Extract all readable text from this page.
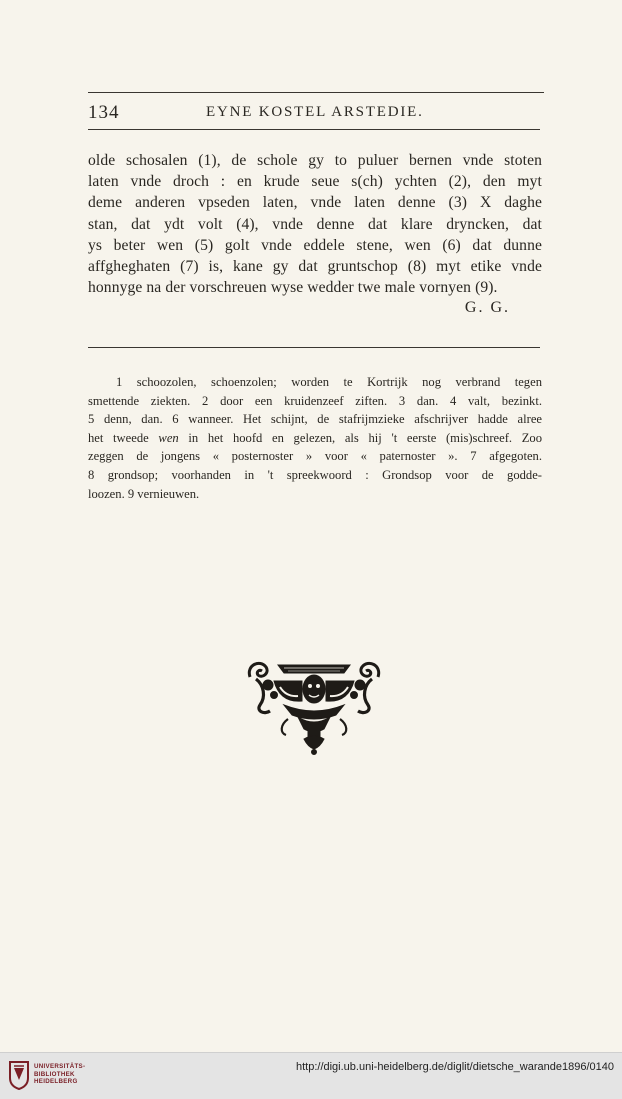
134	EYNE KOSTEL ARSTEDIE.
olde schosalen (1), de schole gy to puluer bernen vnde stoten
laten vnde droch : en krude seue s(ch) ychten (2), den myt
deme anderen vpseden laten, vnde laten denne (3) X daghe
stan, dat ydt volt (4), vnde denne dat klare dryncken, dat
ys beter wen (5) golt vnde eddele stene, wen (6) dat dunne
affgheghaten (7) is, kane gy dat gruntschop (8) myt etike vnde
honnyge na der vorschreuen wyse wedder twe male vornyen (9).
G. G.
1 schoozolen, schoenzolen; worden te Kortrijk nog verbrand tegen
smettende ziekten. 2 door een kruidenzeef ziften. 3 dan. 4 valt, bezinkt.
5 denn, dan. 6 wanneer. Het schijnt, de stafrijmzieke afschrijver hadde alree
het tweede wen in het hoofd en gelezen, als hij 't eerste (mis)schreef. Zoo
zeggen de jongens « posternoster » voor « paternoster ». 7 afgegoten.
8 grondsop; voorhanden in 't spreekwoord : Grondsop voor de godde-
loozen. 9 vernieuwen.
UNIVERSITÄTS-
BIBLIOTHEK
HEIDELBERG
http://digi.ub.uni-heidelberg.de/diglit/dietsche_warande1896/0140
